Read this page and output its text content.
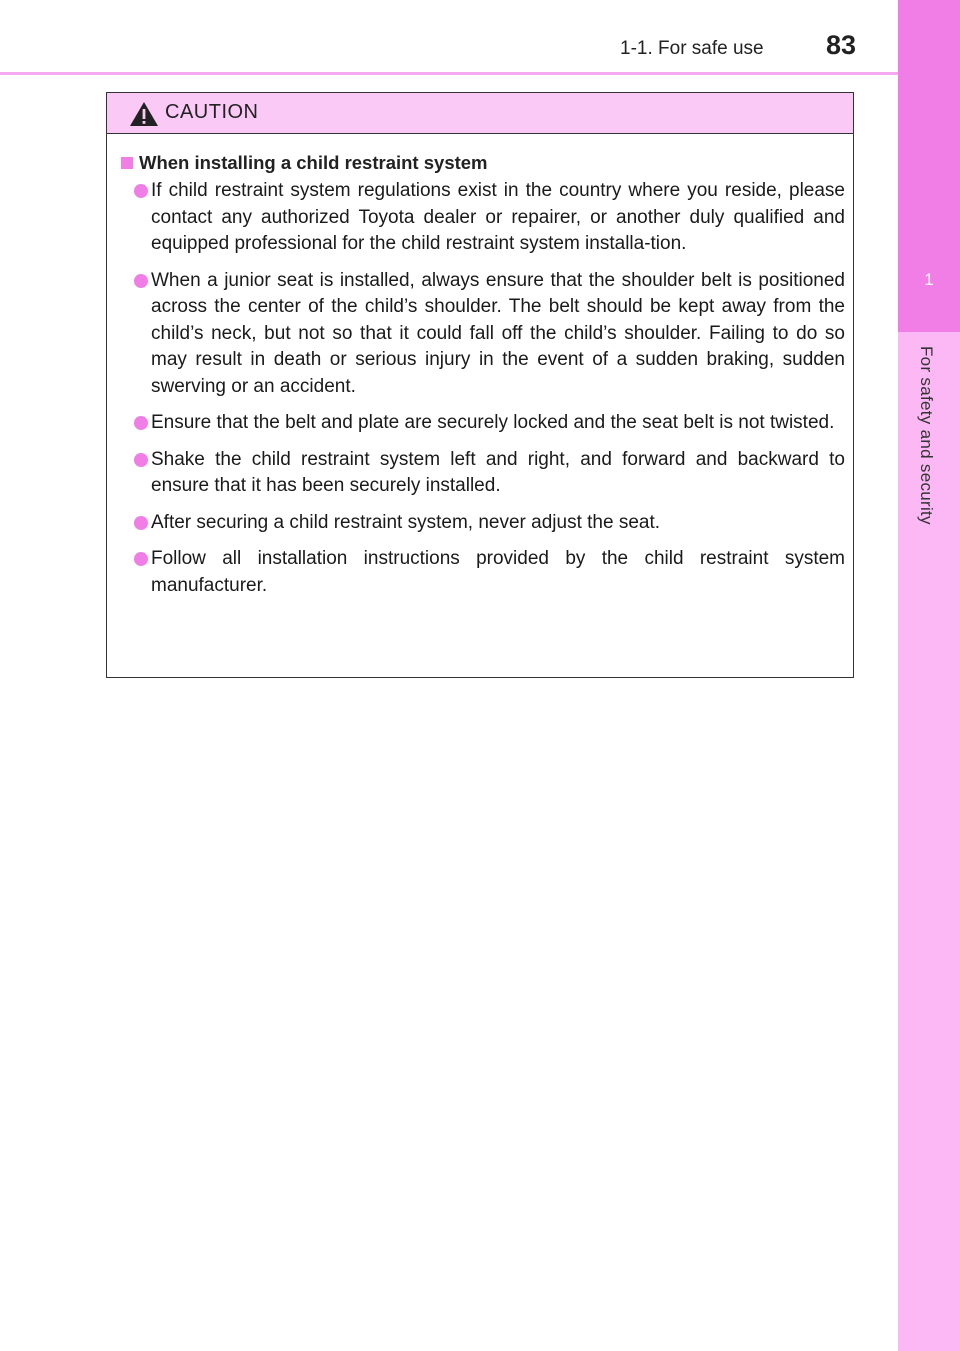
1-1. For safe use	83
1
For safety and security
CAUTION
When installing a child restraint system
If child restraint system regulations exist in the country where you reside, please contact any authorized Toyota dealer or repairer, or another duly qualified and equipped professional for the child restraint system installa-tion.
When a junior seat is installed, always ensure that the shoulder belt is positioned across the center of the child’s shoulder. The belt should be kept away from the child’s neck, but not so that it could fall off the child’s shoulder. Failing to do so may result in death or serious injury in the event of a sudden braking, sudden swerving or an accident.
Ensure that the belt and plate are securely locked and the seat belt is not twisted.
Shake the child restraint system left and right, and forward and backward to ensure that it has been securely installed.
After securing a child restraint system, never adjust the seat.
Follow all installation instructions provided by the child restraint system manufacturer.
